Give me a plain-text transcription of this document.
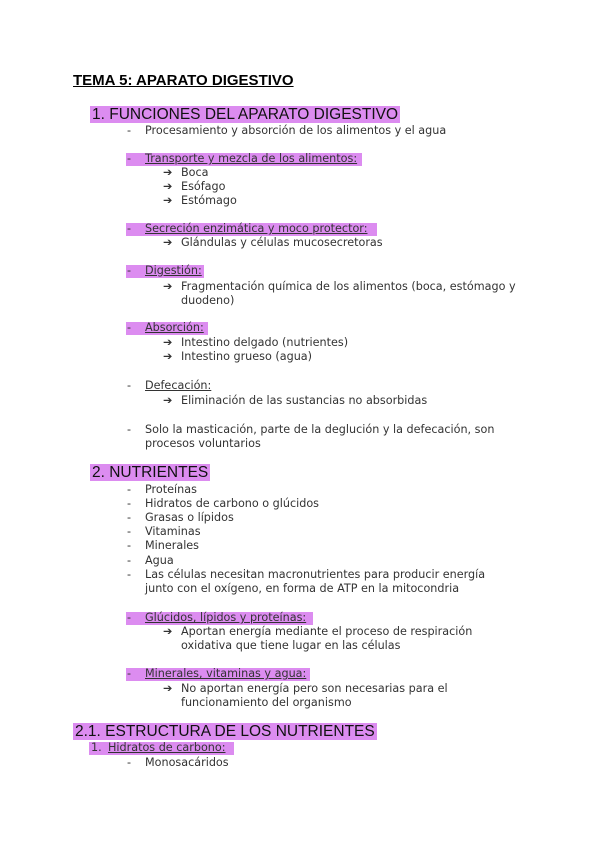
TEMA 5: APARATO DIGESTIVO
1. FUNCIONES DEL APARATO DIGESTIVO
- Procesamiento y absorción de los alimentos y el agua
- Transporte y mezcla de los alimentos:
➔ Boca
➔ Esófago
➔ Estómago
- Secreción enzimática y moco protector:
➔ Glándulas y células mucosecretoras
- Digestión:
➔ Fragmentación química de los alimentos (boca, estómago y
duodeno)
- Absorción:
➔ Intestino delgado (nutrientes)
➔ Intestino grueso (agua)
- Defecación:
➔ Eliminación de las sustancias no absorbidas
- Solo la masticación, parte de la deglución y la defecación, son
procesos voluntarios
2. NUTRIENTES
- Proteínas
- Hidratos de carbono o glúcidos
- Grasas o lípidos
- Vitaminas
- Minerales
- Agua
- Las células necesitan macronutrientes para producir energía
junto con el oxígeno, en forma de ATP en la mitocondria
- Glúcidos, lípidos y proteínas:
➔ Aportan energía mediante el proceso de respiración
oxidativa que tiene lugar en las células
- Minerales, vitaminas y agua:
➔ No aportan energía pero son necesarias para el
funcionamiento del organismo
2.1. ESTRUCTURA DE LOS NUTRIENTES
1. Hidratos de carbono:
- Monosacáridos
